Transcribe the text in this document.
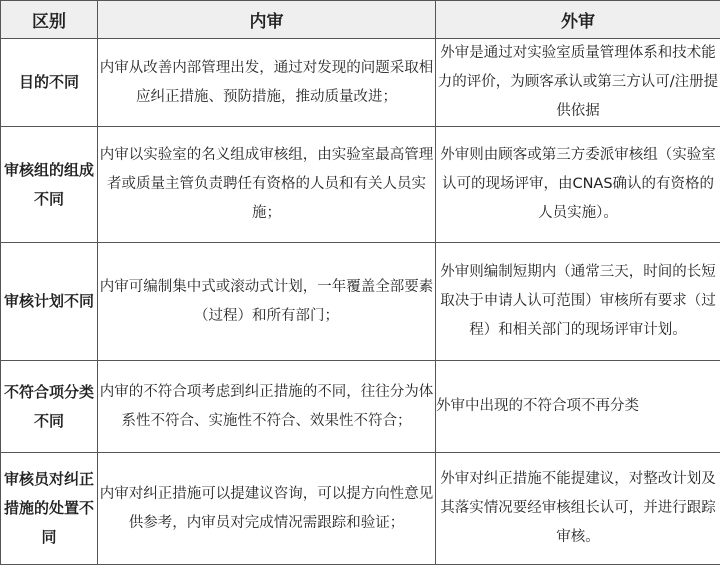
区别	内审	外审
目的不同	内审从改善内部管理出发，通过对发现的问题采取相应纠正措施、预防措施，推动质量改进；	外审是通过对实验室质量管理体系和技术能力的评价，为顾客承认或第三方认可/注册提供依据
审核组的组成不同	内审以实验室的名义组成审核组，由实验室最高管理者或质量主管负责聘任有资格的人员和有关人员实施；	外审则由顾客或第三方委派审核组（实验室认可的现场评审，由CNAS确认的有资格的人员实施）。
审核计划不同	内审可编制集中式或滚动式计划，一年覆盖全部要素（过程）和所有部门；	外审则编制短期内（通常三天，时间的长短取决于申请人认可范围）审核所有要求（过程）和相关部门的现场评审计划。
不符合项分类不同	内审的不符合项考虑到纠正措施的不同，往往分为体系性不符合、实施性不符合、效果性不符合；	外审中出现的不符合项不再分类
审核员对纠正措施的处置不同	内审对纠正措施可以提建议咨询，可以提方向性意见供参考，内审员对完成情况需跟踪和验证；	外审对纠正措施不能提建议，对整改计划及其落实情况要经审核组长认可，并进行跟踪审核。
